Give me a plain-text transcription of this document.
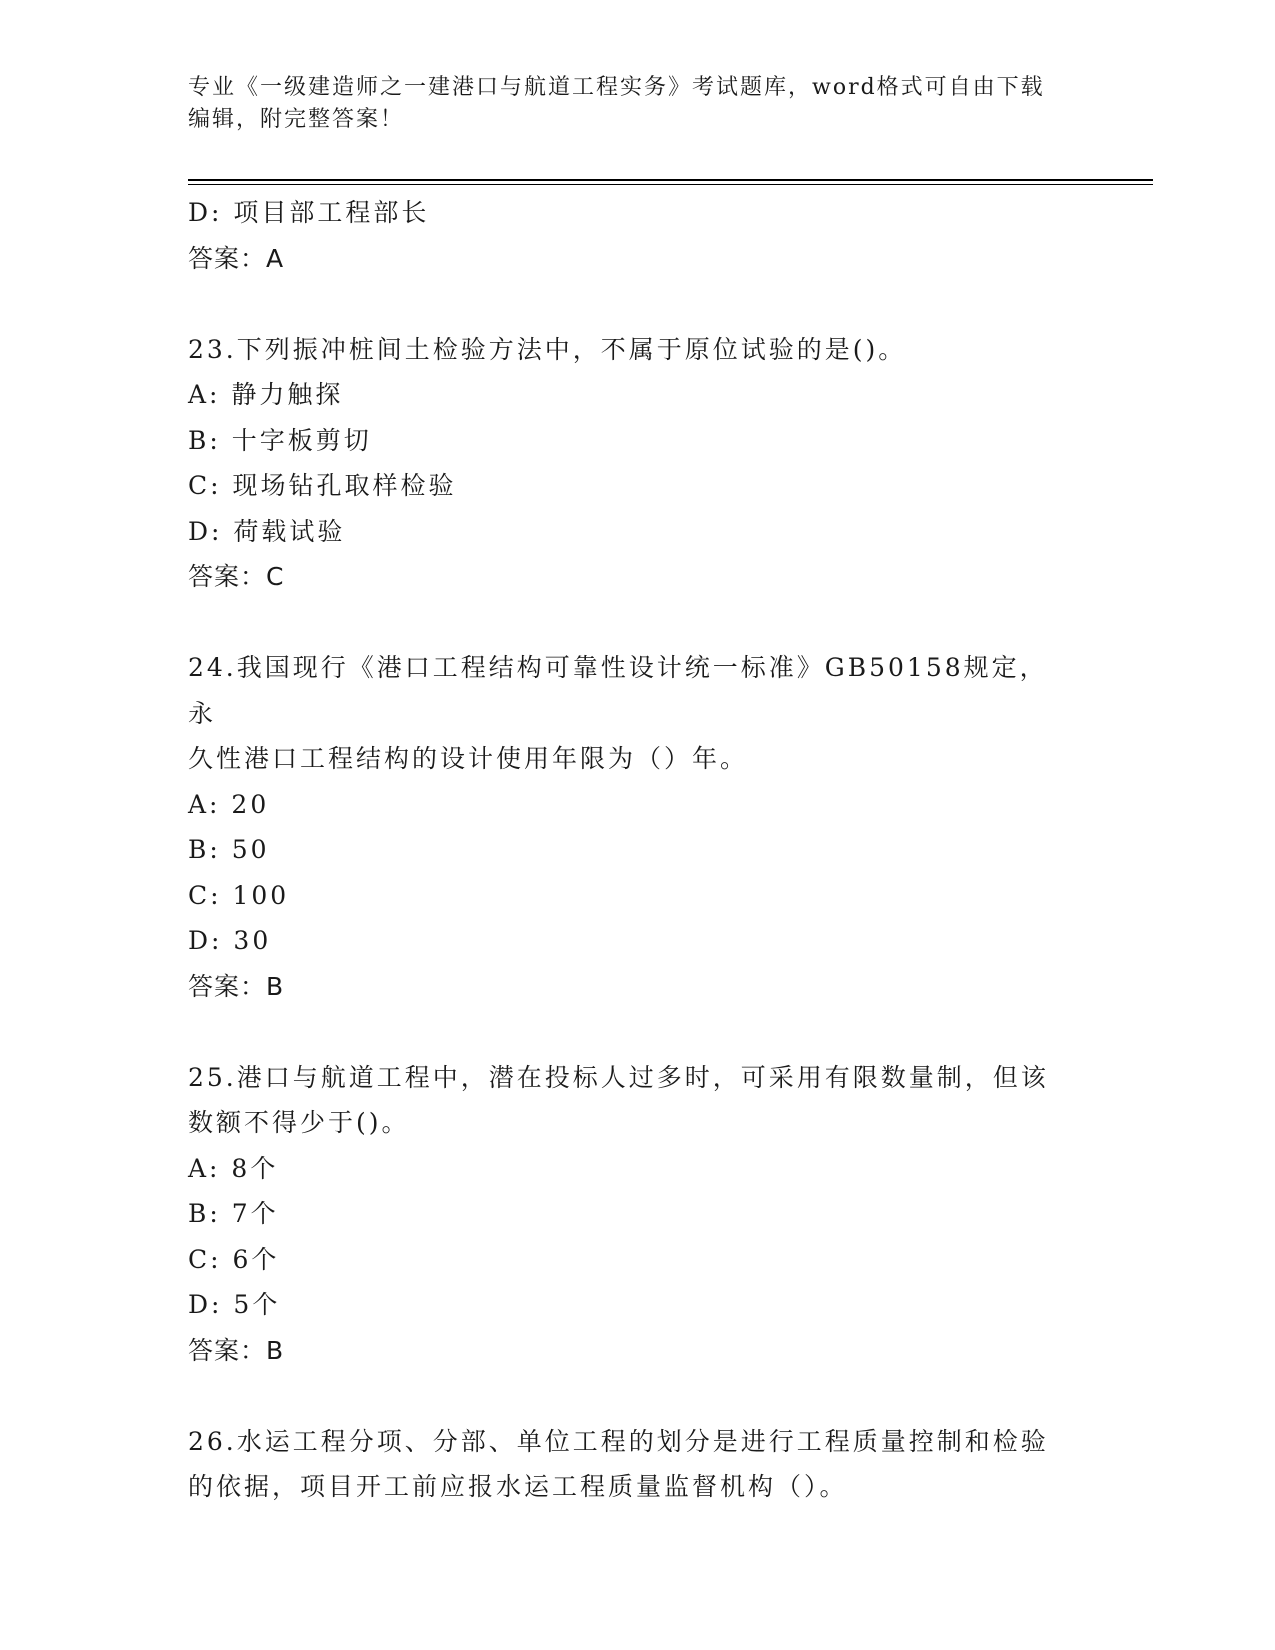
专业《一级建造师之一建港口与航道工程实务》考试题库，word格式可自由下载
编辑，附完整答案！
D: 项目部工程部长
答案：A
23.下列振冲桩间土检验方法中，不属于原位试验的是()。
A: 静力触探
B: 十字板剪切
C: 现场钻孔取样检验
D: 荷载试验
答案：C
24.我国现行《港口工程结构可靠性设计统一标准》GB50158规定，永
久性港口工程结构的设计使用年限为（）年。
A: 20
B: 50
C: 100
D: 30
答案：B
25.港口与航道工程中，潜在投标人过多时，可采用有限数量制，但该
数额不得少于()。
A: 8个
B: 7个
C: 6个
D: 5个
答案：B
26.水运工程分项、分部、单位工程的划分是进行工程质量控制和检验
的依据，项目开工前应报水运工程质量监督机构（）。
